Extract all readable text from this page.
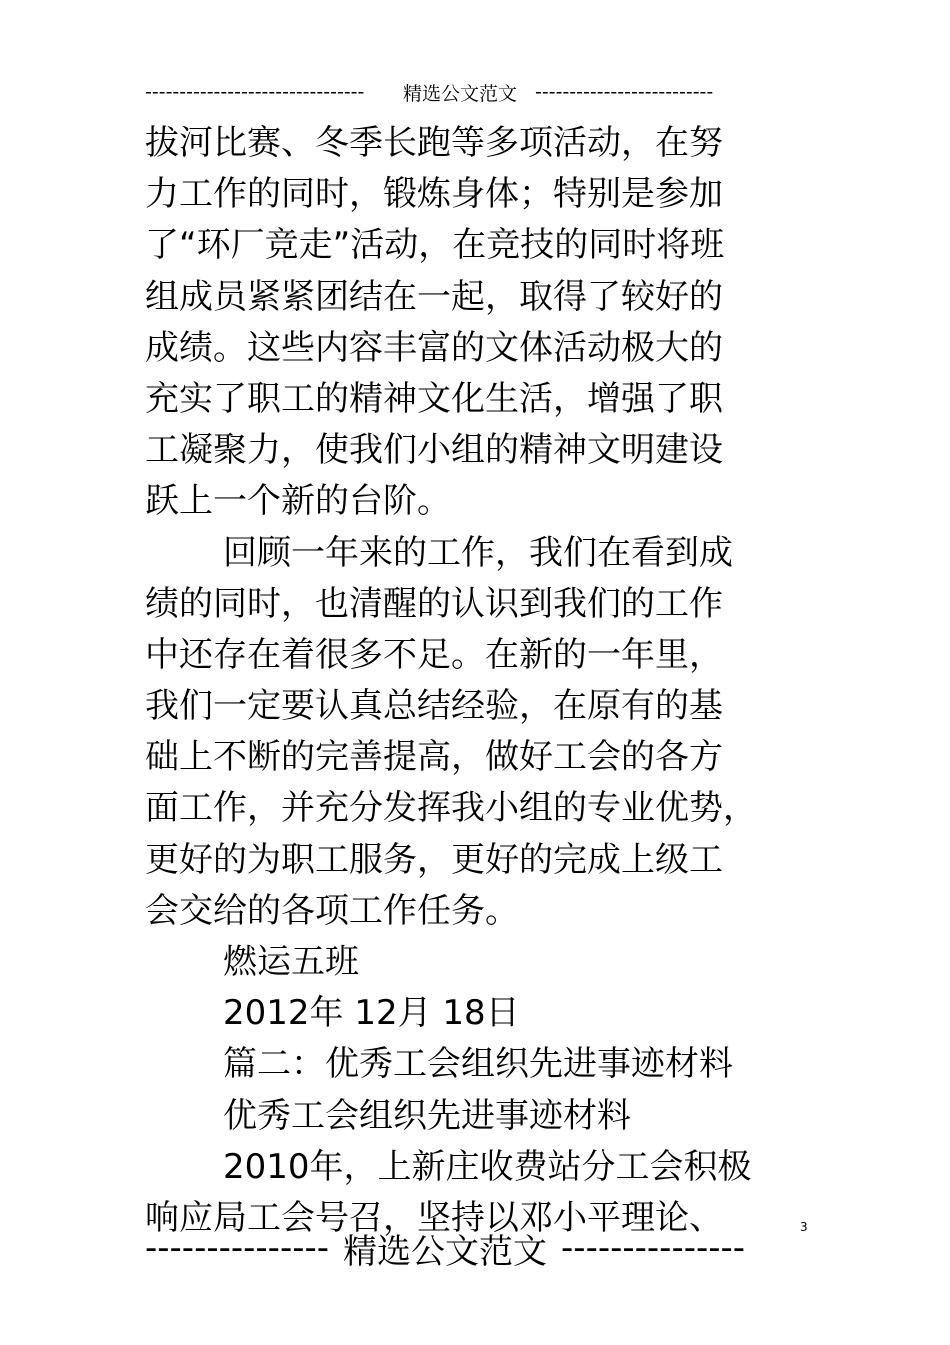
--------------------------------	精选公文范文 --------------------------
拔河比赛、冬季长跑等多项活动，在努
力工作的同时，锻炼身体；特别是参加
了“环厂竞走”活动，在竞技的同时将班
组成员紧紧团结在一起，取得了较好的
成绩。这些内容丰富的文体活动极大的
充实了职工的精神文化生活，增强了职
工凝聚力，使我们小组的精神文明建设
跃上一个新的台阶。
回顾一年来的工作，我们在看到成
绩的同时，也清醒的认识到我们的工作
中还存在着很多不足。在新的一年里，
我们一定要认真总结经验，在原有的基
础上不断的完善提高，做好工会的各方
面工作，并充分发挥我小组的专业优势，
更好的为职工服务，更好的完成上级工
会交给的各项工作任务。
燃运五班
2012年 12月 18日
篇二：优秀工会组织先进事迹材料
优秀工会组织先进事迹材料
2010年，上新庄收费站分工会积极
响应局工会号召，坚持以邓小平理论、	3
--------------- 精选公文范文 ---------------
